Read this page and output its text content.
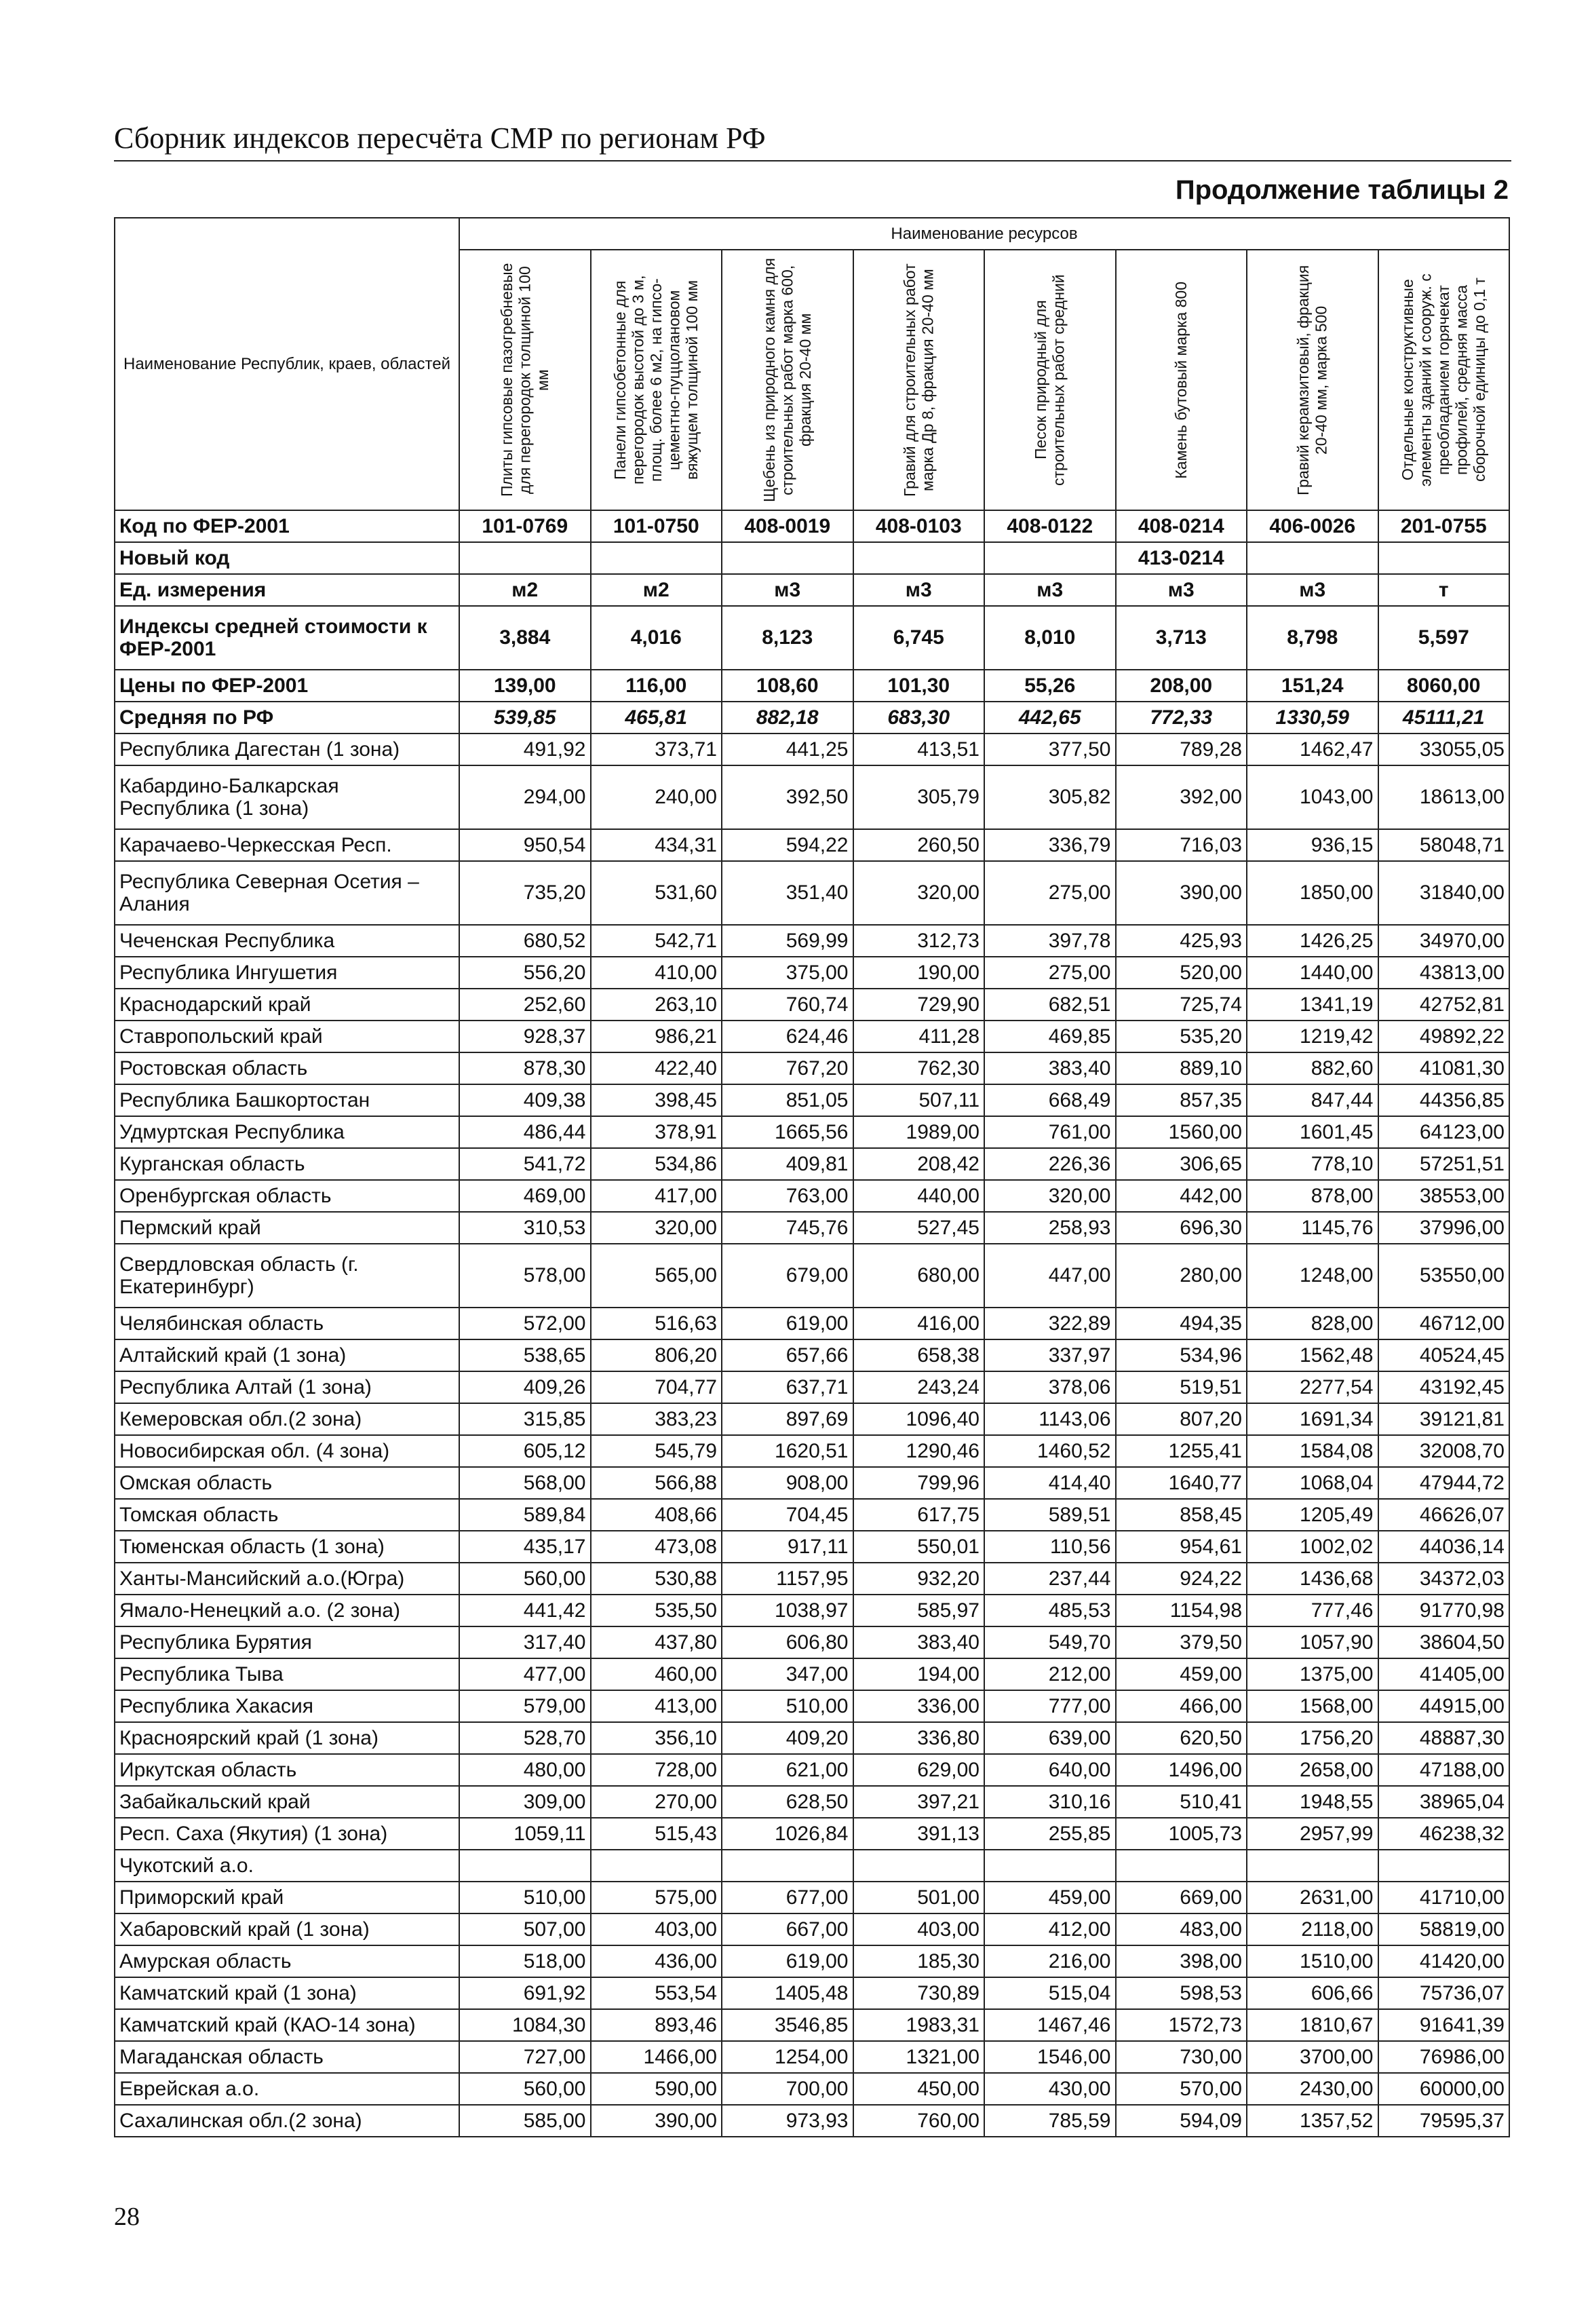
Сборник индексов пересчёта СМР по регионам РФ
Продолжение таблицы 2
Наименование Республик, краев, областей	Наименование ресурсов							

	Плиты гипсовые пазогребневые для перегородок толщиной 100 мм	Панели гипсобетонные для перегородок высотой до 3 м, площ. более 6 м2, на гипсо-цементно-пуццолановом вяжущем толщиной 100 мм	Щебень из природного камня для строительных работ марка 600, фракция 20-40 мм	Гравий для строительных работ марка Др 8, фракция 20-40 мм	Песок природный для строительных работ средний	Камень бутовый марка 800	Гравий керамзитовый, фракция 20-40 мм, марка 500	Отдельные конструктивные элементы зданий и сооруж. с преобладанием горячекат профилей, средняя масса сборочной единицы до 0,1 т

Код по ФЕР-2001	101-0769	101-0750	408-0019	408-0103	408-0122	408-0214	406-0026	201-0755
Новый код						413-0214		
Ед. измерения	м2	м2	м3	м3	м3	м3	м3	т
Индексы средней стоимости к ФЕР-2001	3,884	4,016	8,123	6,745	8,010	3,713	8,798	5,597
Цены по ФЕР-2001	139,00	116,00	108,60	101,30	55,26	208,00	151,24	8060,00
Средняя по РФ	539,85	465,81	882,18	683,30	442,65	772,33	1330,59	45111,21
Республика Дагестан (1 зона)	491,92	373,71	441,25	413,51	377,50	789,28	1462,47	33055,05
Кабардино-Балкарская Республика (1 зона)	294,00	240,00	392,50	305,79	305,82	392,00	1043,00	18613,00
Карачаево-Черкесская Респ.	950,54	434,31	594,22	260,50	336,79	716,03	936,15	58048,71
Республика Северная Осетия – Алания	735,20	531,60	351,40	320,00	275,00	390,00	1850,00	31840,00
Чеченская Республика	680,52	542,71	569,99	312,73	397,78	425,93	1426,25	34970,00
Республика Ингушетия	556,20	410,00	375,00	190,00	275,00	520,00	1440,00	43813,00
Краснодарский край	252,60	263,10	760,74	729,90	682,51	725,74	1341,19	42752,81
Ставропольский край	928,37	986,21	624,46	411,28	469,85	535,20	1219,42	49892,22
Ростовская область	878,30	422,40	767,20	762,30	383,40	889,10	882,60	41081,30
Республика Башкортостан	409,38	398,45	851,05	507,11	668,49	857,35	847,44	44356,85
Удмуртская Республика	486,44	378,91	1665,56	1989,00	761,00	1560,00	1601,45	64123,00
Курганская область	541,72	534,86	409,81	208,42	226,36	306,65	778,10	57251,51
Оренбургская область	469,00	417,00	763,00	440,00	320,00	442,00	878,00	38553,00
Пермский край	310,53	320,00	745,76	527,45	258,93	696,30	1145,76	37996,00
Свердловская область (г. Екатеринбург)	578,00	565,00	679,00	680,00	447,00	280,00	1248,00	53550,00
Челябинская область	572,00	516,63	619,00	416,00	322,89	494,35	828,00	46712,00
Алтайский край (1 зона)	538,65	806,20	657,66	658,38	337,97	534,96	1562,48	40524,45
Республика Алтай (1 зона)	409,26	704,77	637,71	243,24	378,06	519,51	2277,54	43192,45
Кемеровская обл.(2 зона)	315,85	383,23	897,69	1096,40	1143,06	807,20	1691,34	39121,81
Новосибирская обл. (4 зона)	605,12	545,79	1620,51	1290,46	1460,52	1255,41	1584,08	32008,70
Омская область	568,00	566,88	908,00	799,96	414,40	1640,77	1068,04	47944,72
Томская область	589,84	408,66	704,45	617,75	589,51	858,45	1205,49	46626,07
Тюменская область (1 зона)	435,17	473,08	917,11	550,01	110,56	954,61	1002,02	44036,14
Ханты-Мансийский а.о.(Югра)	560,00	530,88	1157,95	932,20	237,44	924,22	1436,68	34372,03
Ямало-Ненецкий а.о. (2 зона)	441,42	535,50	1038,97	585,97	485,53	1154,98	777,46	91770,98
Республика Бурятия	317,40	437,80	606,80	383,40	549,70	379,50	1057,90	38604,50
Республика Тыва	477,00	460,00	347,00	194,00	212,00	459,00	1375,00	41405,00
Республика Хакасия	579,00	413,00	510,00	336,00	777,00	466,00	1568,00	44915,00
Красноярский край (1 зона)	528,70	356,10	409,20	336,80	639,00	620,50	1756,20	48887,30
Иркутская область	480,00	728,00	621,00	629,00	640,00	1496,00	2658,00	47188,00
Забайкальский край	309,00	270,00	628,50	397,21	310,16	510,41	1948,55	38965,04
Респ. Саха (Якутия) (1 зона)	1059,11	515,43	1026,84	391,13	255,85	1005,73	2957,99	46238,32
Чукотский а.о.								
Приморский край	510,00	575,00	677,00	501,00	459,00	669,00	2631,00	41710,00
Хабаровский край (1 зона)	507,00	403,00	667,00	403,00	412,00	483,00	2118,00	58819,00
Амурская область	518,00	436,00	619,00	185,30	216,00	398,00	1510,00	41420,00
Камчатский край (1 зона)	691,92	553,54	1405,48	730,89	515,04	598,53	606,66	75736,07
Камчатский край (КАО-14 зона)	1084,30	893,46	3546,85	1983,31	1467,46	1572,73	1810,67	91641,39
Магаданская область	727,00	1466,00	1254,00	1321,00	1546,00	730,00	3700,00	76986,00
Еврейская а.о.	560,00	590,00	700,00	450,00	430,00	570,00	2430,00	60000,00
Сахалинская обл.(2 зона)	585,00	390,00	973,93	760,00	785,59	594,09	1357,52	79595,37
28
